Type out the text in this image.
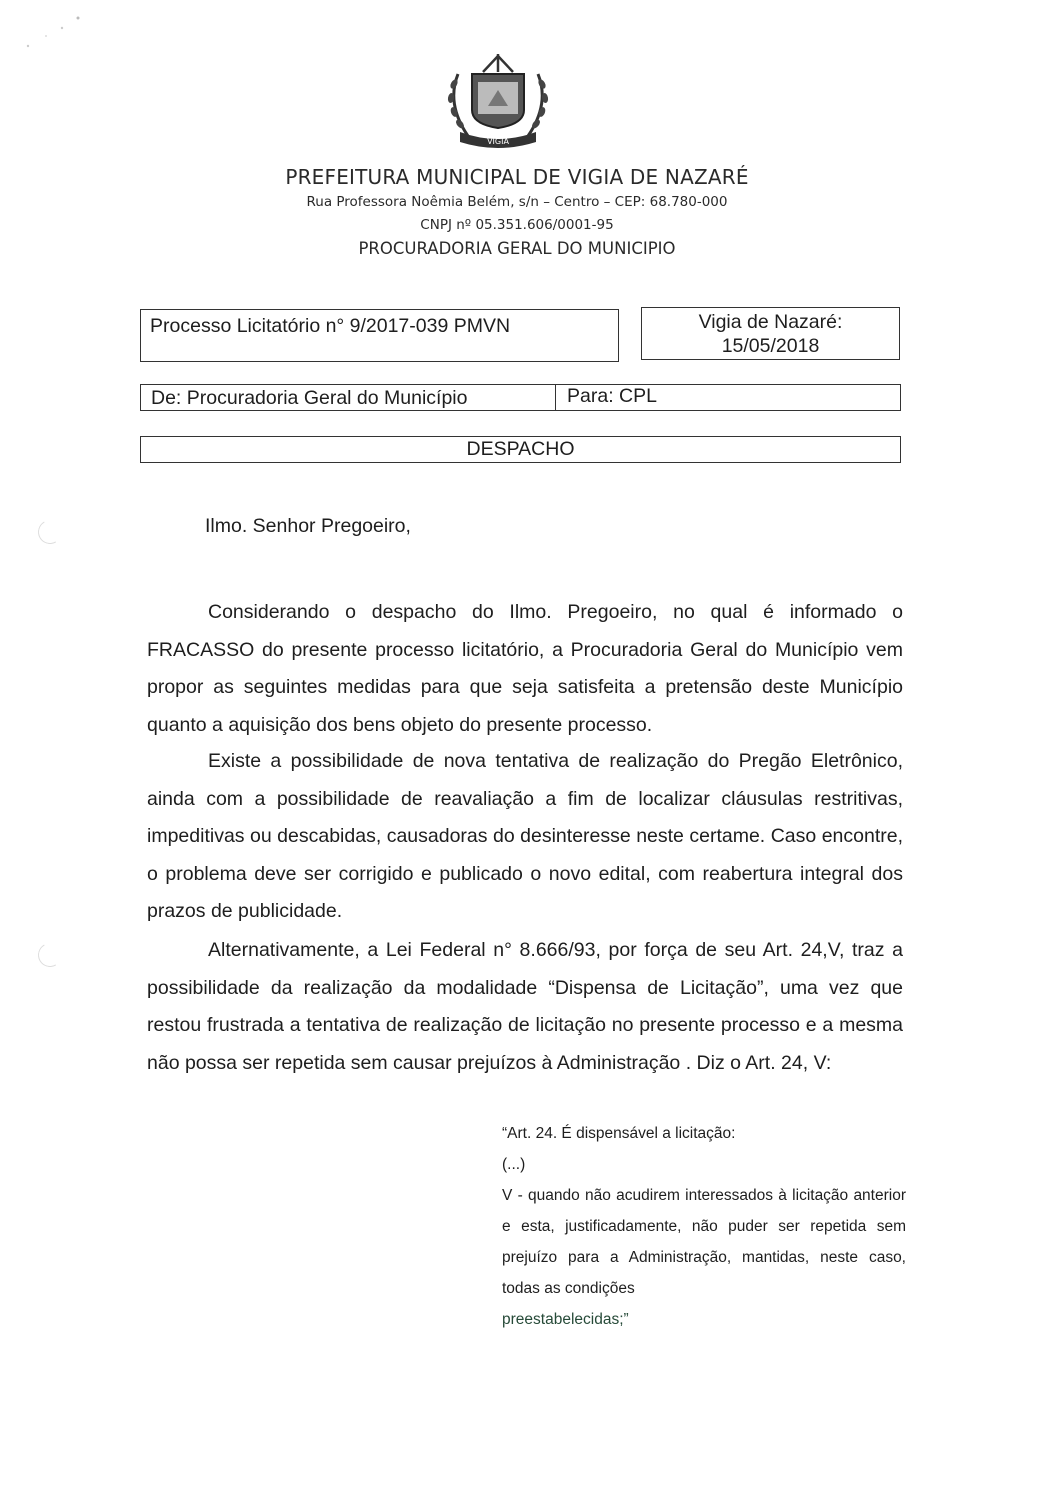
VIGIA
PREFEITURA MUNICIPAL DE VIGIA DE NAZARÉ
Rua Professora Noêmia Belém, s/n – Centro – CEP: 68.780-000
CNPJ nº 05.351.606/0001-95
PROCURADORIA GERAL DO MUNICIPIO
Processo Licitatório n° 9/2017-039 PMVN	Vigia de Nazaré:
15/05/2018
De: Procuradoria Geral do Município	Para: CPL
DESPACHO
Ilmo. Senhor Pregoeiro,
Considerando o despacho do Ilmo. Pregoeiro, no qual é informado o FRACASSO do presente processo licitatório, a Procuradoria Geral do Município vem propor as seguintes medidas para que seja satisfeita a pretensão deste Município quanto a aquisição dos bens objeto do presente processo.
Existe a possibilidade de nova tentativa de realização do Pregão Eletrônico, ainda com a possibilidade de reavaliação a fim de localizar cláusulas restritivas, impeditivas ou descabidas, causadoras do desinteresse neste certame. Caso encontre, o problema deve ser corrigido e publicado o novo edital, com reabertura integral dos prazos de publicidade.
Alternativamente, a Lei Federal n° 8.666/93, por força de seu Art. 24,V, traz a possibilidade da realização da modalidade “Dispensa de Licitação”, uma vez que restou frustrada a tentativa de realização de licitação no presente processo e a mesma não possa ser repetida sem causar prejuízos à Administração . Diz o Art. 24, V:
“Art. 24. É dispensável a licitação:
(...)
V - quando não acudirem interessados à licitação anterior e esta, justificadamente, não puder ser repetida sem prejuízo para a Administração, mantidas, neste caso, todas as condições
preestabelecidas;”
